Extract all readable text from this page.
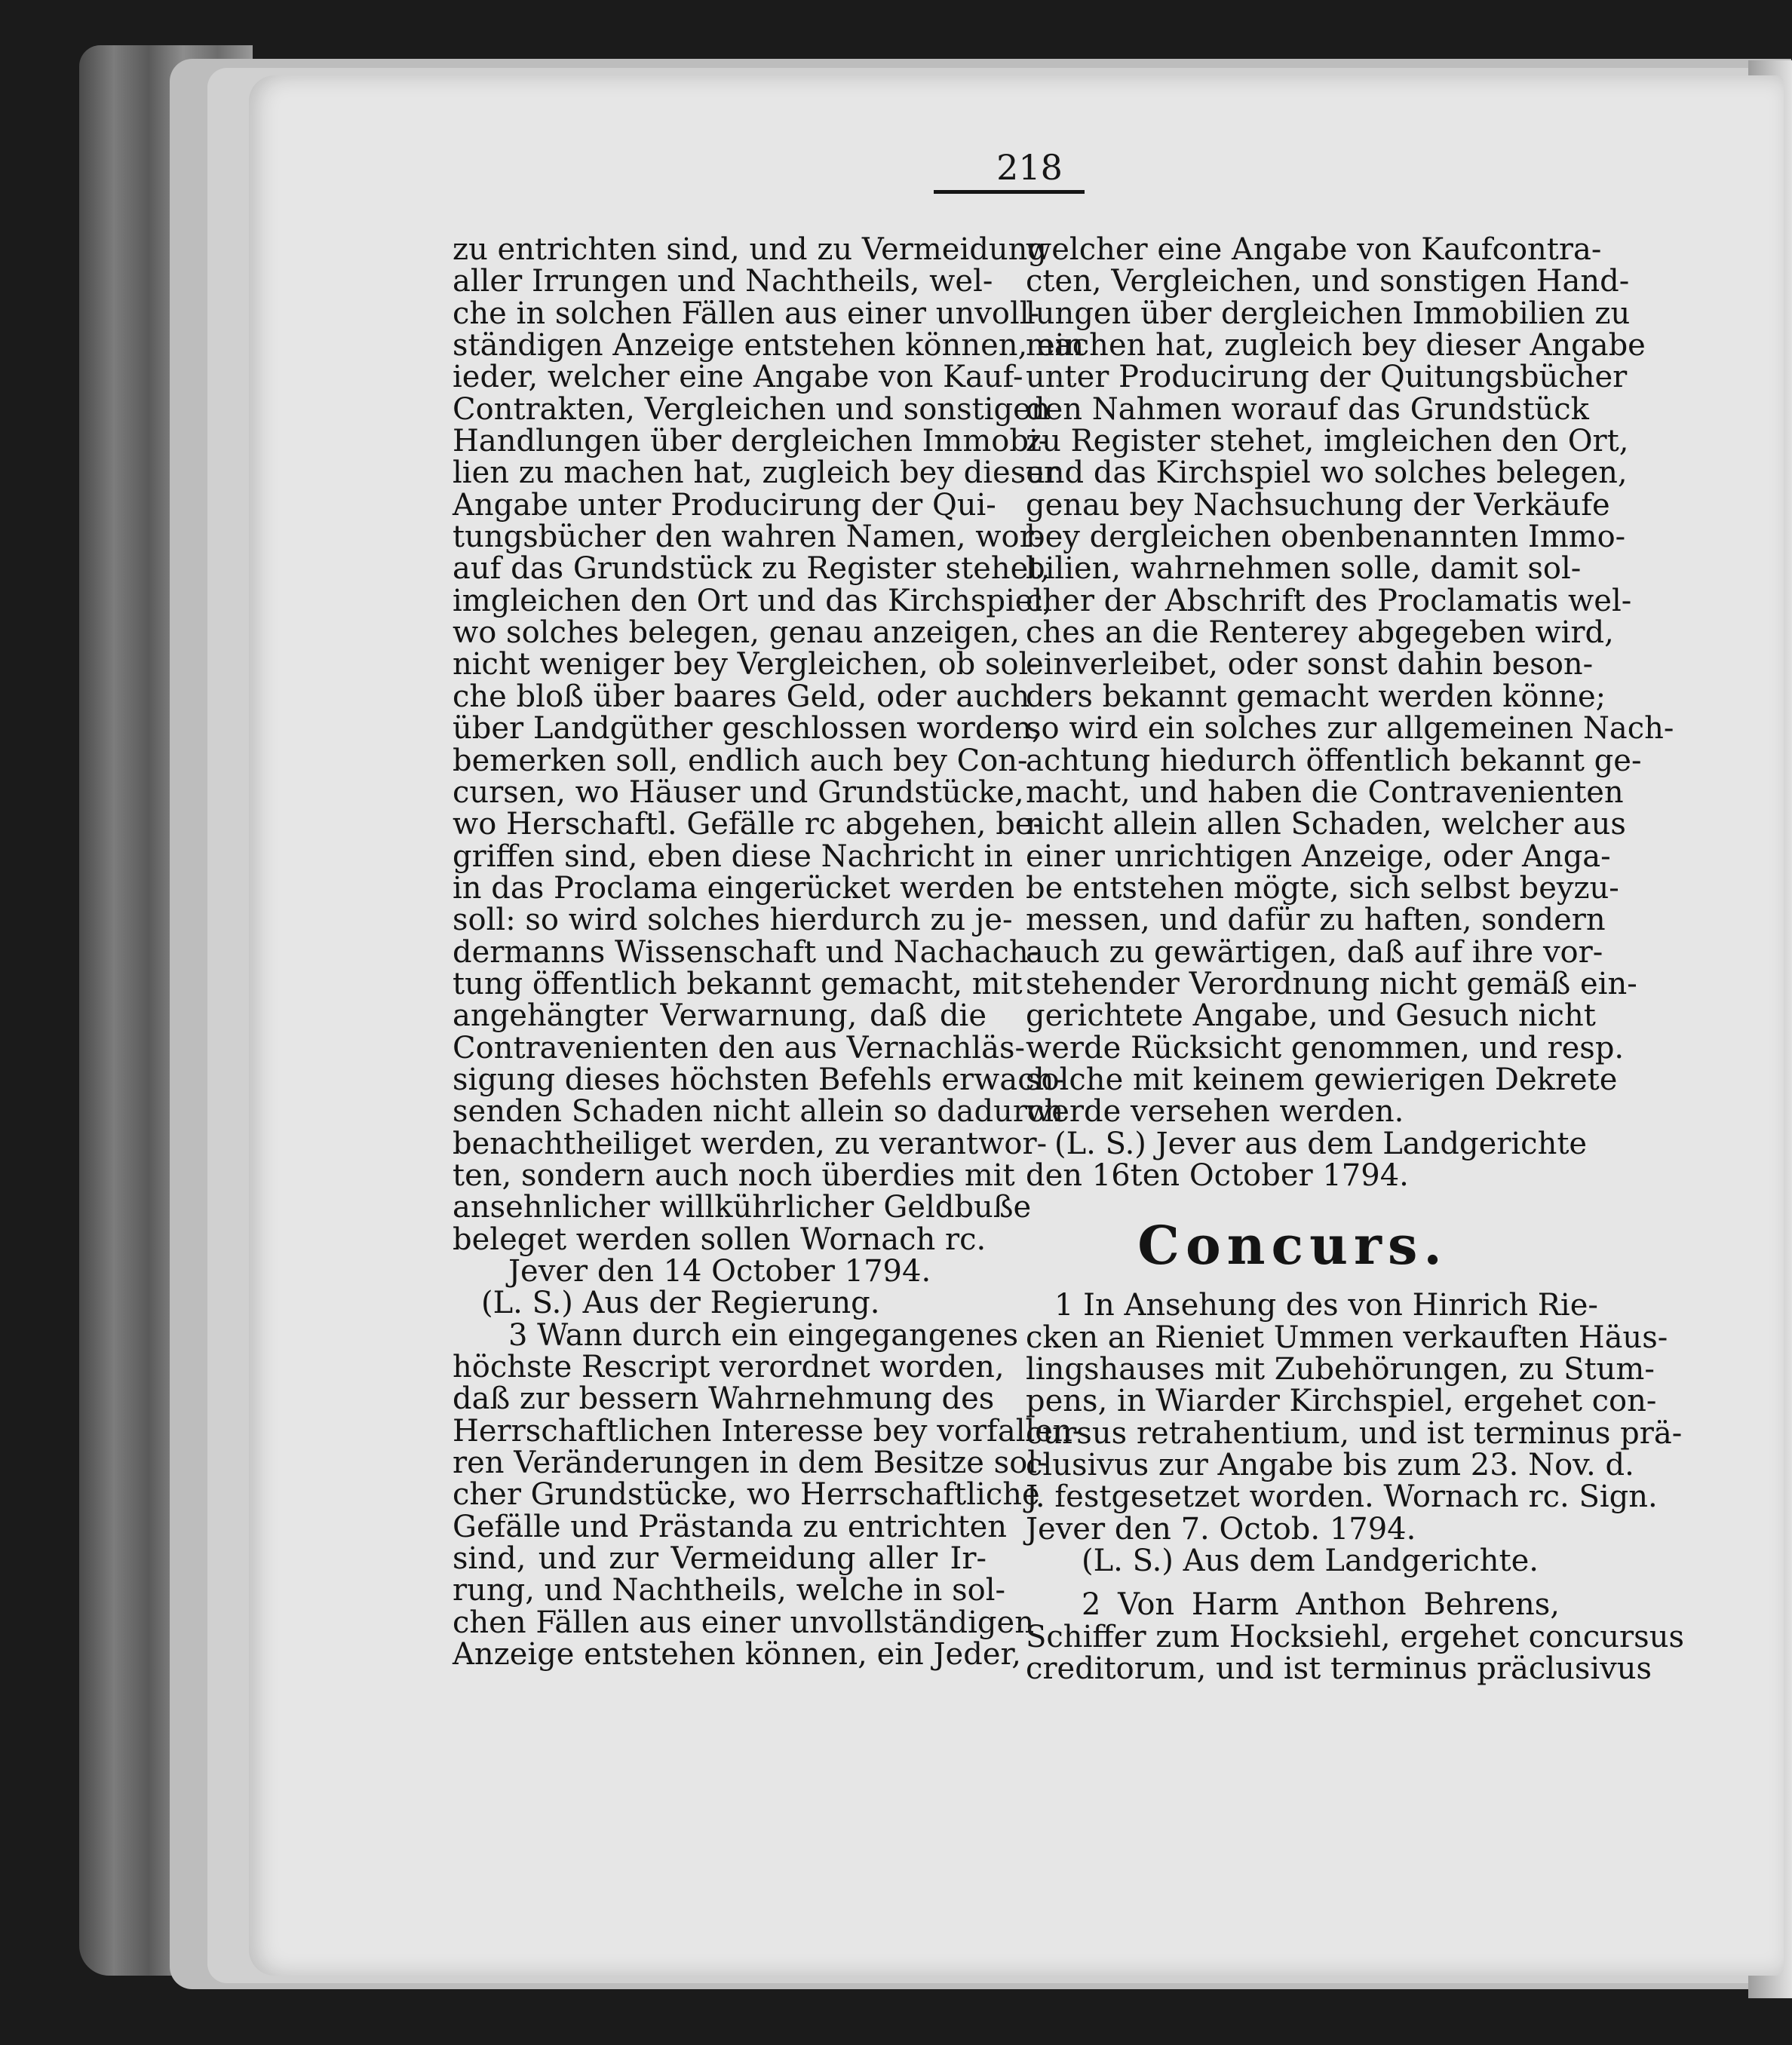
218

zu entrichten sind, und zu Vermeidung
aller Irrungen und Nachtheils, wel-
che in solchen Fällen aus einer unvoll-
ständigen Anzeige entstehen können, ein
ieder, welcher eine Angabe von Kauf-
Contrakten, Vergleichen und sonstigen
Handlungen über dergleichen Immobi-
lien zu machen hat, zugleich bey dieser
Angabe unter Producirung der Qui-
tungsbücher den wahren Namen, wor-
auf das Grundstück zu Register stehet,
imgleichen den Ort und das Kirchspiel,
wo solches belegen, genau anzeigen,
nicht weniger bey Vergleichen, ob sol-
che bloß über baares Geld, oder auch
über Landgüther geschlossen worden,
bemerken soll, endlich auch bey Con-
cursen, wo Häuser und Grundstücke,
wo Herschaftl. Gefälle rc abgehen, be-
griffen sind, eben diese Nachricht in
in das Proclama eingerücket werden
soll: so wird solches hierdurch zu je-
dermanns Wissenschaft und Nachach-
tung öffentlich bekannt gemacht, mit
angehängter Verwarnung, daß die
Contravenienten den aus Vernachläs-
sigung dieses höchsten Befehls erwach-
senden Schaden nicht allein so dadurch
benachtheiliget werden, zu verantwor-
ten, sondern auch noch überdies mit
ansehnlicher willkührlicher Geldbuße
beleget werden sollen Wornach rc.

Jever den 14 October 1794.
(L. S.) Aus der Regierung.

3 Wann durch ein eingegangenes
höchste Rescript verordnet worden,
daß zur bessern Wahrnehmung des
Herrschaftlichen Interesse bey vorfallen-
ren Veränderungen in dem Besitze sol-
cher Grundstücke, wo Herrschaftliche
Gefälle und Prästanda zu entrichten
sind, und zur Vermeidung aller Ir-
rung, und Nachtheils, welche in sol-
chen Fällen aus einer unvollständigen
Anzeige entstehen können, ein Jeder,

welcher eine Angabe von Kaufcontra-
cten, Vergleichen, und sonstigen Hand-
lungen über dergleichen Immobilien zu
machen hat, zugleich bey dieser Angabe
unter Producirung der Quitungsbücher
den Nahmen worauf das Grundstück
zu Register stehet, imgleichen den Ort,
und das Kirchspiel wo solches belegen,
genau bey Nachsuchung der Verkäufe
bey dergleichen obenbenannten Immo-
bilien, wahrnehmen solle, damit sol-
cher der Abschrift des Proclamatis wel-
ches an die Renterey abgegeben wird,
einverleibet, oder sonst dahin beson-
ders bekannt gemacht werden könne;
so wird ein solches zur allgemeinen Nach-
achtung hiedurch öffentlich bekannt ge-
macht, und haben die Contravenienten
nicht allein allen Schaden, welcher aus
einer unrichtigen Anzeige, oder Anga-
be entstehen mögte, sich selbst beyzu-
messen, und dafür zu haften, sondern
auch zu gewärtigen, daß auf ihre vor-
stehender Verordnung nicht gemäß ein-
gerichtete Angabe, und Gesuch nicht
werde Rücksicht genommen, und resp.
solche mit keinem gewierigen Dekrete
werde versehen werden.

(L. S.) Jever aus dem Landgerichte
den 16ten October 1794.
Concurs.

1 In Ansehung des von Hinrich Rie-
cken an Rieniet Ummen verkauften Häus-
lingshauses mit Zubehörungen, zu Stum-
pens, in Wiarder Kirchspiel, ergehet con-
cursus retrahentium, und ist terminus prä-
clusivus zur Angabe bis zum 23. Nov. d.
J. festgesetzet worden. Wornach rc. Sign.
Jever den 7. Octob. 1794.

(L. S.) Aus dem Landgerichte.

2 Von Harm Anthon Behrens,
Schiffer zum Hocksiehl, ergehet concursus
creditorum, und ist terminus präclusivus
